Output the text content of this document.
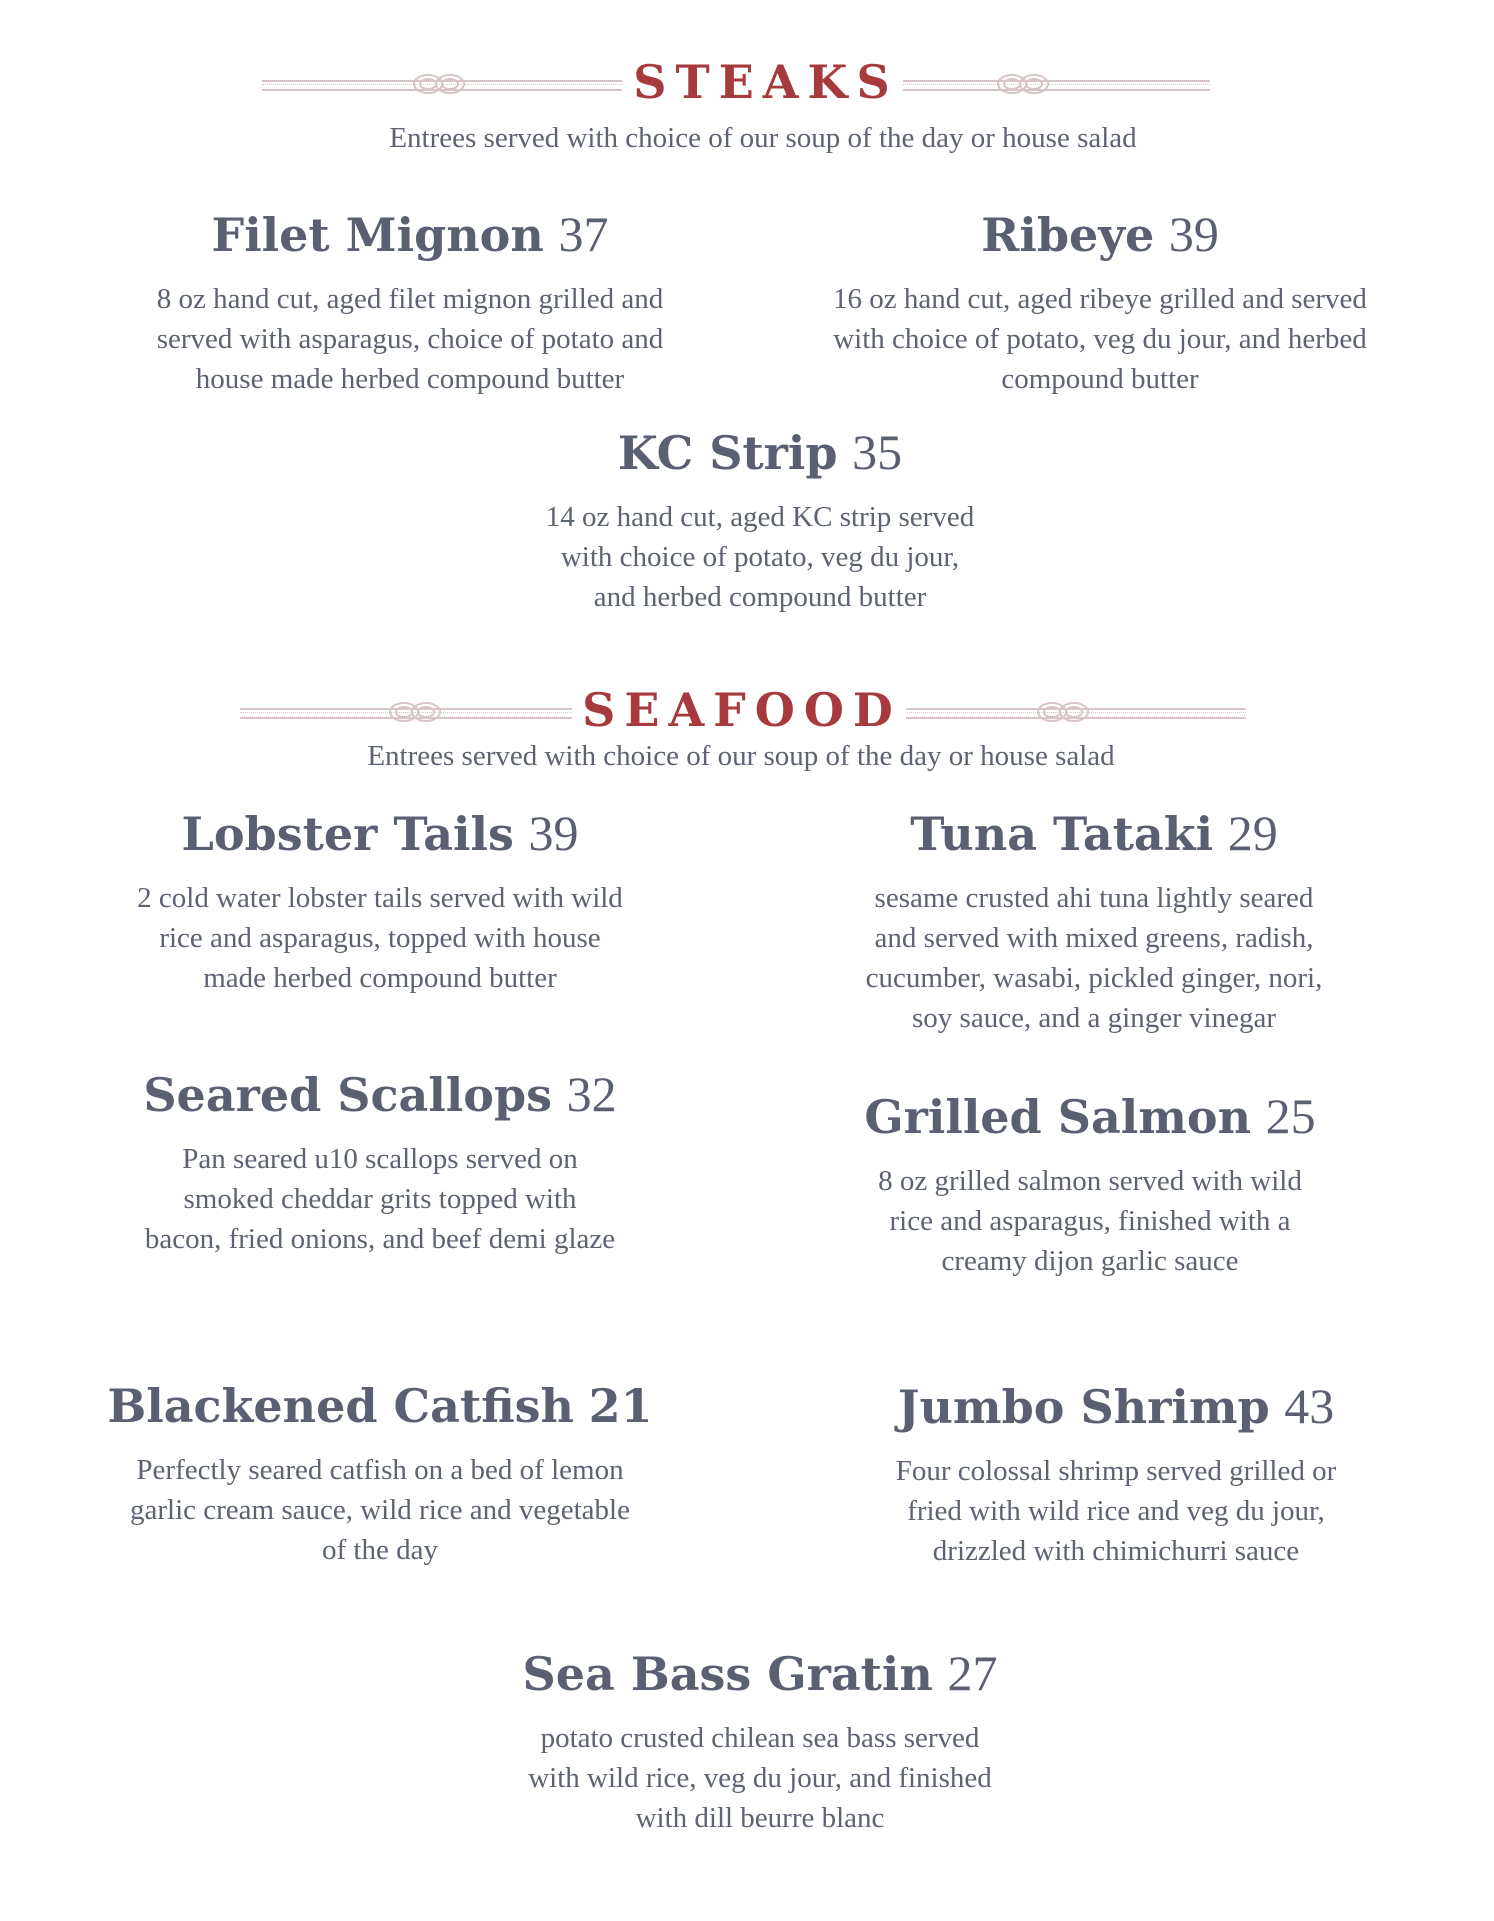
STEAKS
Entrees served with choice of our soup of the day or house salad
Filet Mignon 37
8 oz hand cut, aged filet mignon grilled and
served with asparagus, choice of potato and
house made herbed compound butter
Ribeye 39
16 oz hand cut, aged ribeye grilled and served
with choice of potato, veg du jour, and herbed
compound butter
KC Strip 35
14 oz hand cut, aged KC strip served
with choice of potato, veg du jour,
and herbed compound butter
SEAFOOD
Entrees served with choice of our soup of the day or house salad
Lobster Tails 39
2 cold water lobster tails served with wild
rice and asparagus, topped with house
made herbed compound butter
Tuna Tataki 29
sesame crusted ahi tuna lightly seared
and served with mixed greens, radish,
cucumber, wasabi, pickled ginger, nori,
soy sauce, and a ginger vinegar
Seared Scallops 32
Pan seared u10 scallops served on
smoked cheddar grits topped with
bacon, fried onions, and beef demi glaze
Grilled Salmon 25
8 oz grilled salmon served with wild
rice and asparagus, finished with a
creamy dijon garlic sauce
Blackened Catfish 21
Perfectly seared catfish on a bed of lemon
garlic cream sauce, wild rice and vegetable
of the day
Jumbo Shrimp 43
Four colossal shrimp served grilled or
fried with wild rice and veg du jour,
drizzled with chimichurri sauce
Sea Bass Gratin 27
potato crusted chilean sea bass served
with wild rice, veg du jour, and finished
with dill beurre blanc
